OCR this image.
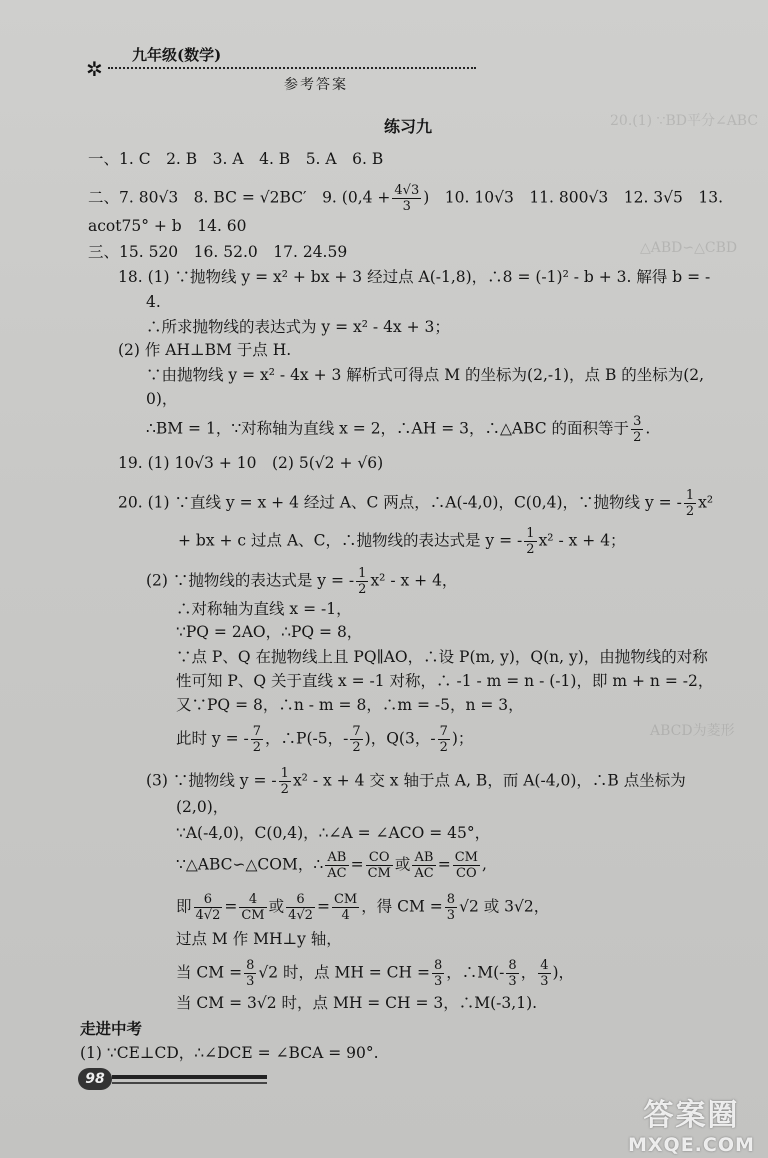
✲
九年级(数学)
参考答案
20.(1) ∵BD平分∠ABC
△ABD∽△CBD
ABCD为菱形
练习九
一、1. C　2. B　3. A　4. B　5. A　6. B
二、7. 80√3　8. BC = √2BC′　9. ($0,4 + \frac{4√3}{3}$ )　10. 10√3　11. 800√3　12. 3√5　13.
acot75° + b　14. 60
三、15. 520　16. 52.0　17. 24.59
18. (1) ∵抛物线 y = x² + bx + 3 经过点 A(-1,8)，∴8 = (-1)² - b + 3. 解得 b = -
4.
∴所求抛物线的表达式为 y = x² - 4x + 3；
(2) 作 AH⊥BM 于点 H.
∵由抛物线 y = x² - 4x + 3 解析式可得点 M 的坐标为(2,-1)，点 B 的坐标为(2,
0)，
∴BM = 1，∵对称轴为直线 x = 2，∴AH = 3，∴△ABC 的面积等于 $\frac{3}{2}$ .
19. (1) 10√3 + 10　(2) 5(√2 + √6)
20. (1) ∵直线 y = x + 4 经过 A、C 两点，∴A(-4,0)，C(0,4)，∵抛物线 y = - $\frac{1}{2} x^2$
+ bx + c 过点 A、C，∴抛物线的表达式是 y = - $\frac{1}{2} x^2 - x + 4$；
(2) ∵抛物线的表达式是 y = - $\frac{1}{2} x^2 - x + 4$，
∴对称轴为直线 x = -1，
∵PQ = 2AO，∴PQ = 8，
∵点 P、Q 在抛物线上且 PQ∥AO，∴设 P(m, y)，Q(n, y)，由抛物线的对称
性可知 P、Q 关于直线 x = -1 对称，∴ -1 - m = n - (-1)，即 m + n = -2，
又∵PQ = 8，∴n - m = 8，∴m = -5，n = 3，
此时 y = - $\frac{7}{2}$ ，∴P(-5，- $\frac{7}{2}$ )，Q(3，- $\frac{7}{2}$ )；
(3) ∵抛物线 y = - $\frac{1}{2} x^2 - x + 4$ 交 x 轴于点 A, B，而 A(-4,0)，∴B 点坐标为
(2,0)，
∵A(-4,0)，C(0,4)，∴∠A = ∠ACO = 45°，
∵△ABC∽△COM，∴ $\frac{AB}{AC} = \frac{CO}{CM}$ 或 $\frac{AB}{AC} = \frac{CM}{CO}$ ,
即 $\frac{6}{4√2} = \frac{4}{CM}$ 或 $\frac{6}{4√2} = \frac{CM}{4}$ ，得 CM = $\frac{8}{3} √2$ 或 3√2，
过点 M 作 MH⊥y 轴，
当 CM = $\frac{8}{3} √2$ 时，点 MH = CH = $\frac{8}{3}$ ，∴M(- $\frac{8}{3}$ ， $\frac{4}{3}$ )，
当 CM = 3√2 时，点 MH = CH = 3，∴M(-3,1).
走进中考
(1) ∵CE⊥CD，∴∠DCE = ∠BCA = 90°.
98
答案圈
MXQE.COM
